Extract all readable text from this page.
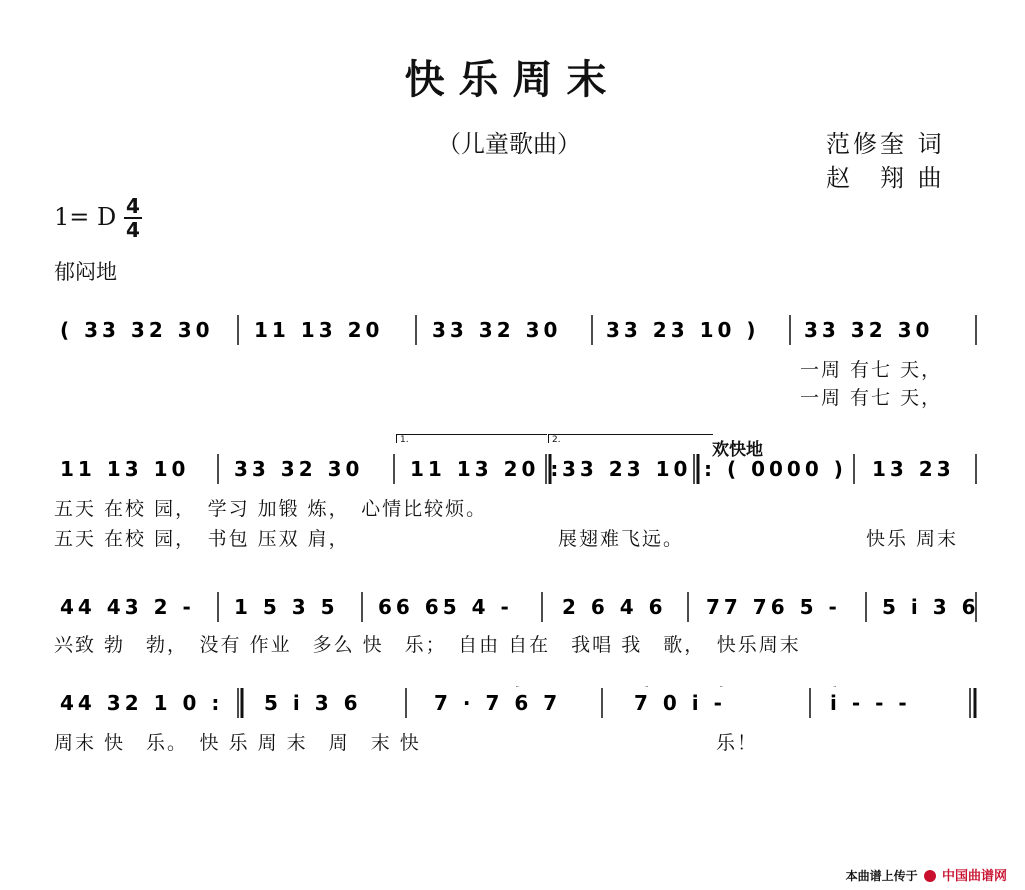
快乐周末
（儿童歌曲）	范修奎 词
赵　翔 曲
1= D 4
4
郁闷地
欢快地
( 33 32 30 11 13 20 33 32 30 33 23 10 ) 33 32 30
一周 有七 天，
一周 有七 天，
1.	2.
11 13 10 33 32 30 11 13 20 : 33 23 10 : ( 0000 ) 13 23
五天 在校 园，　学习 加锻 炼，　心情比较烦。
五天 在校 园，　书包 压双 肩，	展翅难飞远。	快乐 周末
44 43 2 - 1 5 3 5 66 65 4 - 2 6 4 6 77 76 5 - 5 i 3 6
兴致 勃　勃，　没有 作业　多么 快　乐；　自由 自在　我唱 我　歌，　快乐周末
44 32 1 0 : 5 i 3 6	7 · 7 6 7	7 0 i -	i - - -
周末 快　乐。　快 乐 周 末　周　末 快	乐！
本曲谱上传于 中国曲谱网
